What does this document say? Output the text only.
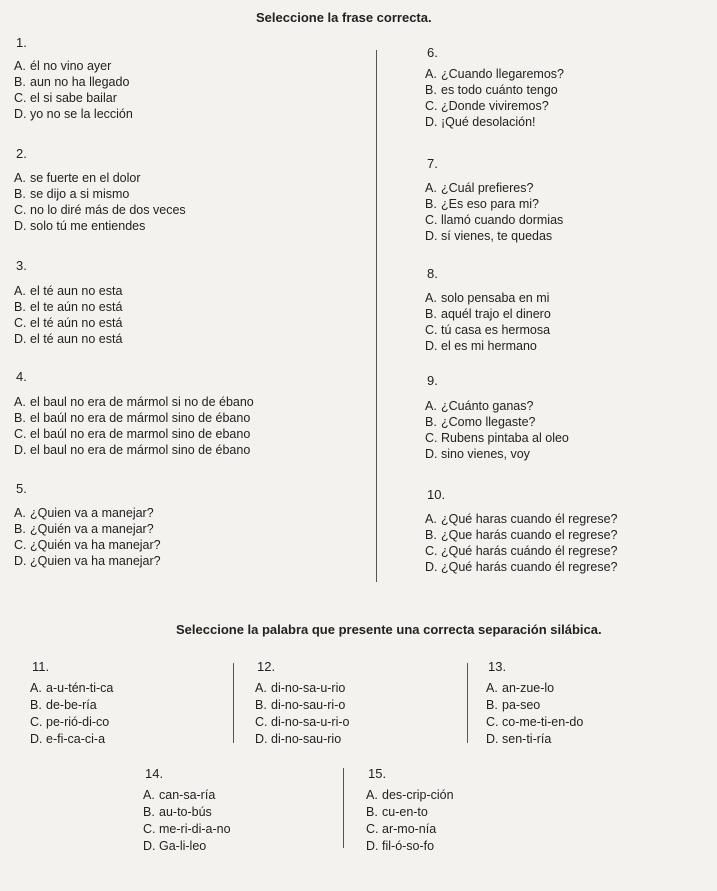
Seleccione la frase correcta.
Seleccione la palabra que presente una correcta separación silábica.
1.
A. él no vino ayer
B. aun no ha llegado
C. el si sabe bailar
D. yo no se la lección
2.
A. se fuerte en el dolor
B. se dijo a si mismo
C. no lo diré más de dos veces
D. solo tú me entiendes
3.
A. el té aun no esta
B. el te aún no está
C. el té aún no está
D. el té aun no está
4.
A. el baul no era de mármol si no de ébano
B. el baúl no era de mármol sino de ébano
C. el baúl no era de marmol sino de ebano
D. el baul no era de mármol sino de ébano
5.
A. ¿Quien va a manejar?
B. ¿Quién va a manejar?
C. ¿Quién va ha manejar?
D. ¿Quien va ha manejar?
6.
A. ¿Cuando llegaremos?
B. es todo cuánto tengo
C. ¿Donde viviremos?
D. ¡Qué desolación!
7.
A. ¿Cuál prefieres?
B. ¿Es eso para mi?
C. llamó cuando dormias
D. sí vienes, te quedas
8.
A. solo pensaba en mi
B. aquél trajo el dinero
C. tú casa es hermosa
D. el es mi hermano
9.
A. ¿Cuánto ganas?
B. ¿Como llegaste?
C. Rubens pintaba al oleo
D. sino vienes, voy
10.
A. ¿Qué haras cuando él regrese?
B. ¿Que harás cuando el regrese?
C. ¿Qué harás cuándo él regrese?
D. ¿Qué harás cuando él regrese?
11.
A. a-u-tén-ti-ca
B. de-be-ría
C. pe-rió-di-co
D. e-fi-ca-ci-a
12.
A. di-no-sa-u-rio
B. di-no-sau-ri-o
C. di-no-sa-u-ri-o
D. di-no-sau-rio
13.
A. an-zue-lo
B. pa-seo
C. co-me-ti-en-do
D. sen-ti-ría
14.
A. can-sa-ría
B. au-to-bús
C. me-ri-di-a-no
D. Ga-li-leo
15.
A. des-crip-ción
B. cu-en-to
C. ar-mo-nía
D. fil-ó-so-fo
